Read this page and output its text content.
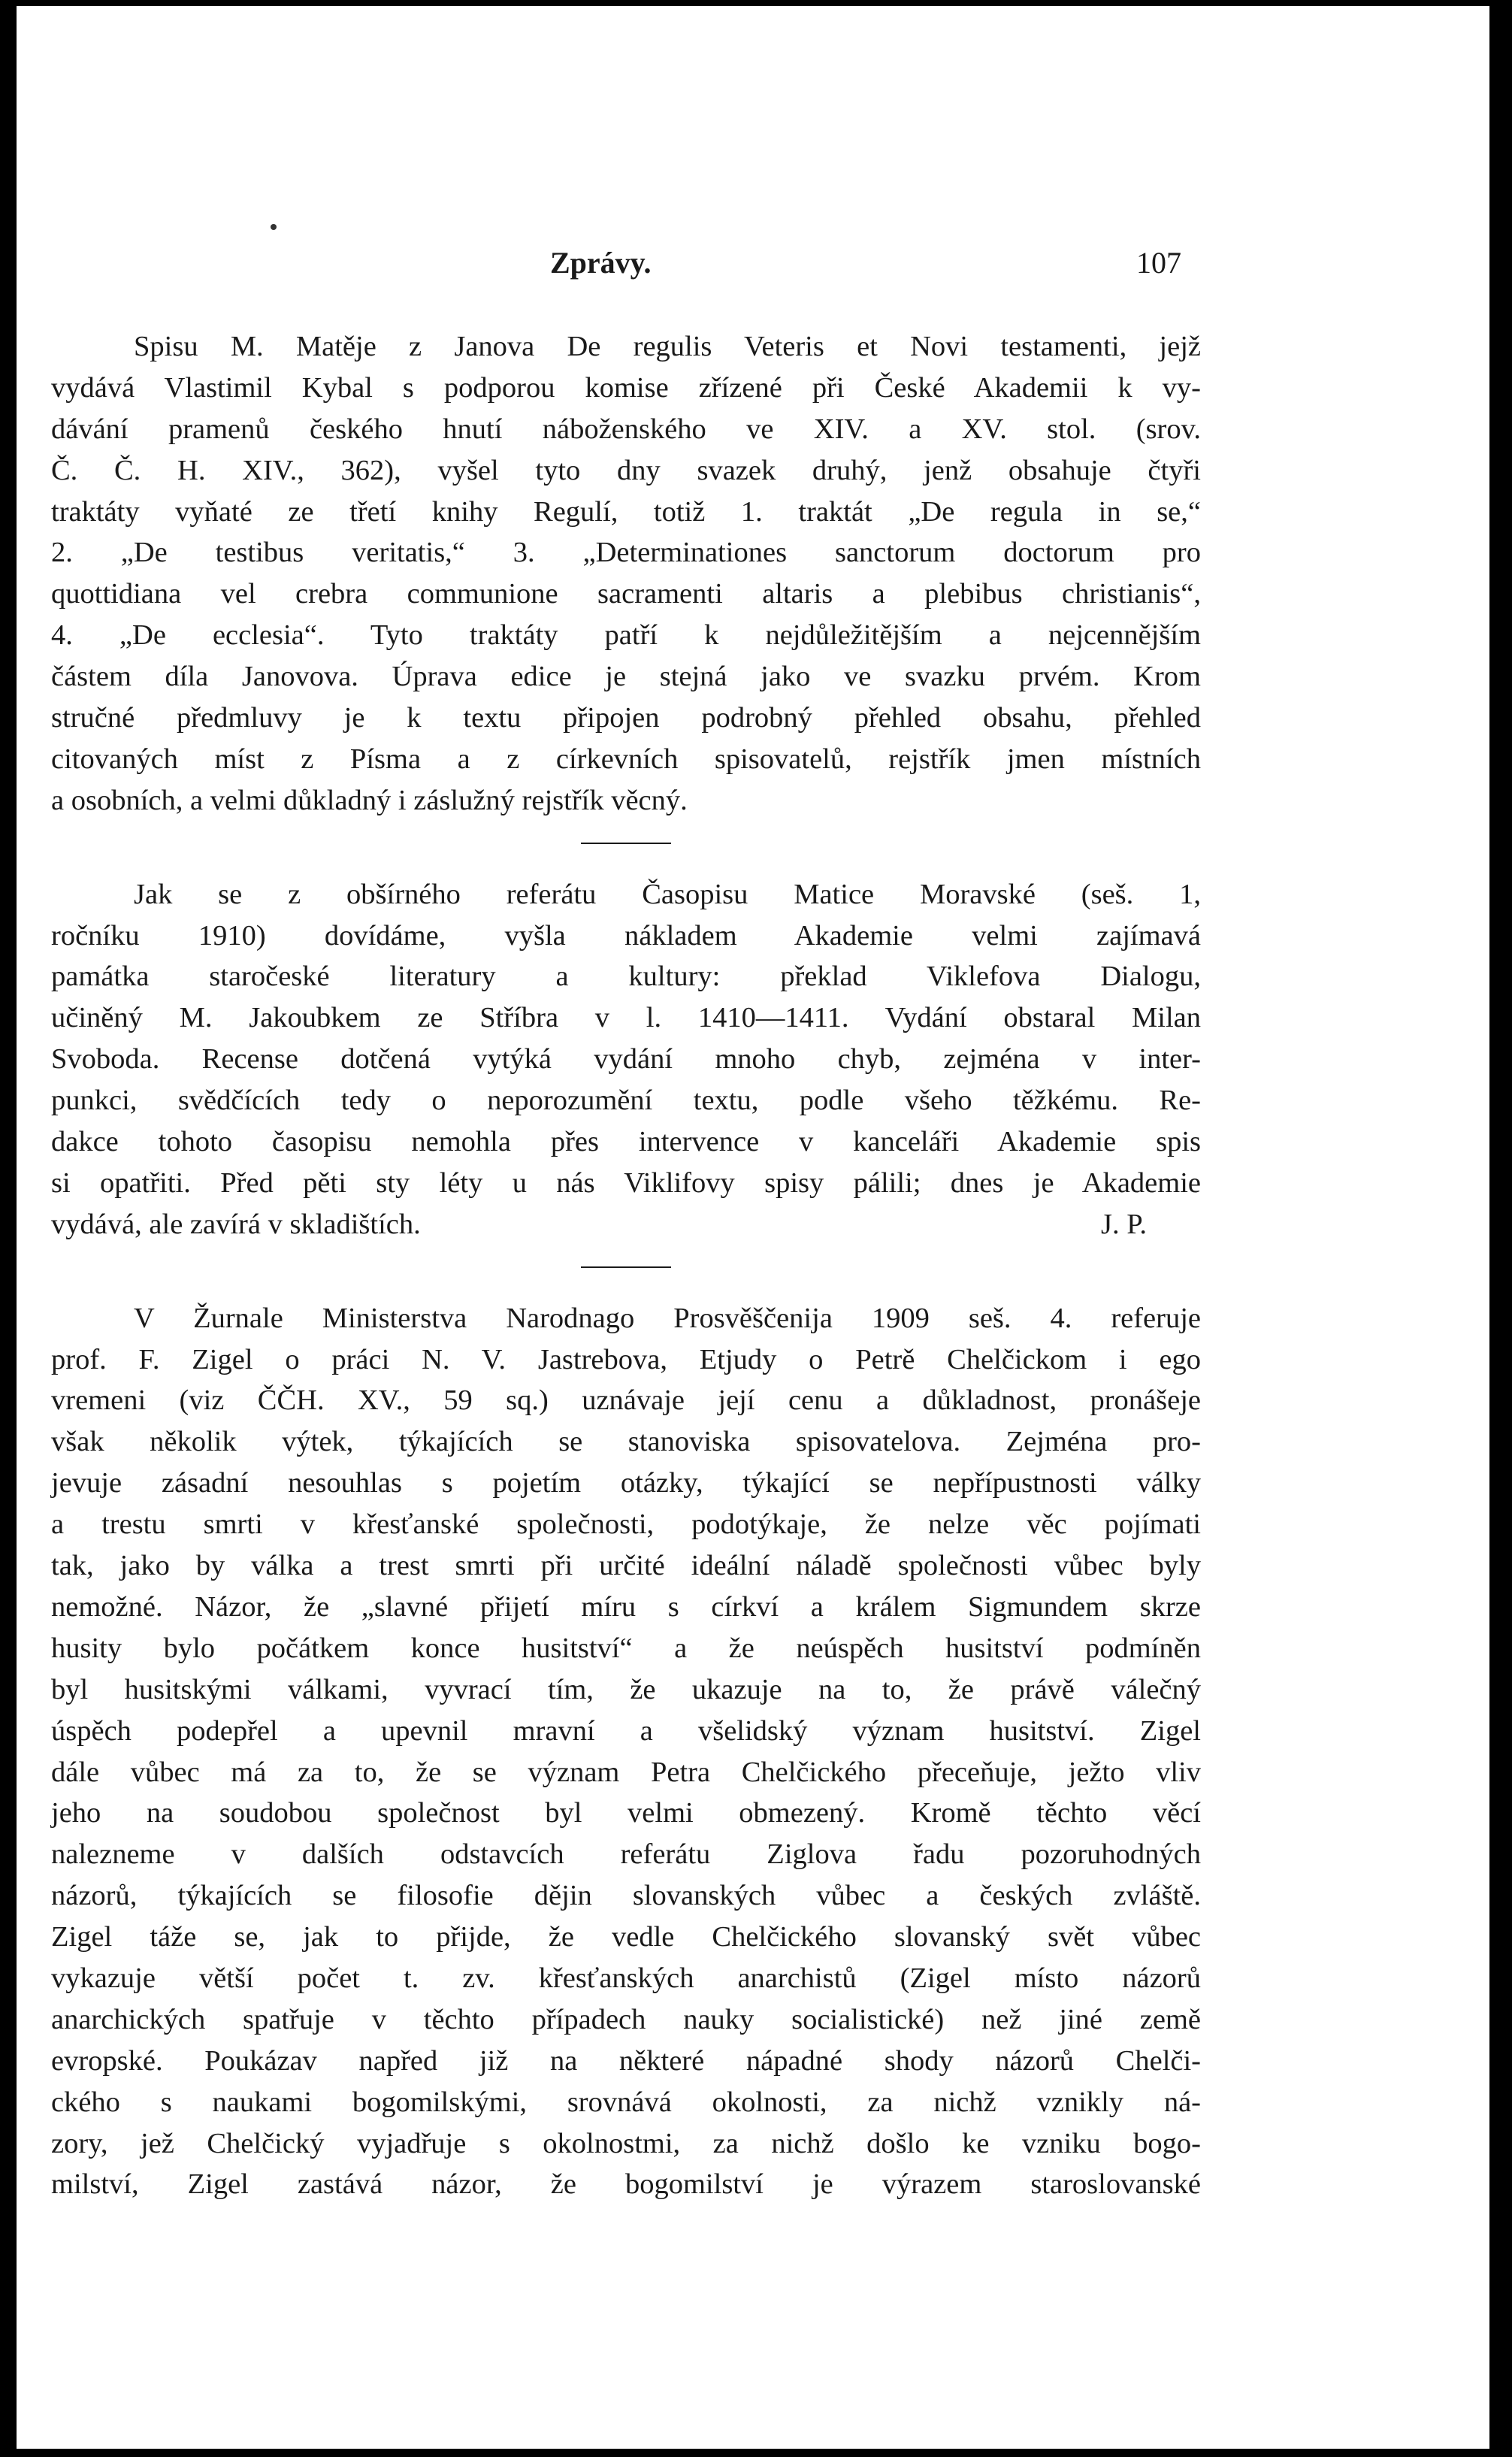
Zprávy.	107
Spisu M. Matěje z Janova De regulis Veteris et Novi testamenti, jejž
vydává Vlastimil Kybal s podporou komise zřízené při České Akademii k vy-
dávání pramenů českého hnutí náboženského ve XIV. a XV. stol. (srov.
Č. Č. H. XIV., 362), vyšel tyto dny svazek druhý, jenž obsahuje čtyři
traktáty vyňaté ze třetí knihy Regulí, totiž 1. traktát „De regula in se,“
2. „De testibus veritatis,“ 3. „Determinationes sanctorum doctorum pro
quottidiana vel crebra communione sacramenti altaris a plebibus christianis“,
4. „De ecclesia“. Tyto traktáty patří k nejdůležitějším a nejcennějším
částem díla Janovova. Úprava edice je stejná jako ve svazku prvém. Krom
stručné předmluvy je k textu připojen podrobný přehled obsahu, přehled
citovaných míst z Písma a z církevních spisovatelů, rejstřík jmen místních
a osobních, a velmi důkladný i záslužný rejstřík věcný.
Jak se z obšírného referátu Časopisu Matice Moravské (seš. 1,
ročníku 1910) dovídáme, vyšla nákladem Akademie velmi zajímavá
památka staročeské literatury a kultury: překlad Viklefova Dialogu,
učiněný M. Jakoubkem ze Stříbra v l. 1410—1411. Vydání obstaral Milan
Svoboda. Recense dotčená vytýká vydání mnoho chyb, zejména v inter-
punkci, svědčících tedy o neporozumění textu, podle všeho těžkému. Re-
dakce tohoto časopisu nemohla přes intervence v kanceláři Akademie spis
si opatřiti. Před pěti sty léty u nás Viklifovy spisy pálili; dnes je Akademie
vydává, ale zavírá v skladištích.	J. P.
V Žurnale Ministerstva Narodnago Prosvěščenija 1909 seš. 4. referuje
prof. F. Zigel o práci N. V. Jastrebova, Etjudy o Petrě Chelčickom i ego
vremeni (viz ČČH. XV., 59 sq.) uznávaje její cenu a důkladnost, pronášeje
však několik výtek, týkajících se stanoviska spisovatelova. Zejména pro-
jevuje zásadní nesouhlas s pojetím otázky, týkající se nepřípustnosti války
a trestu smrti v křesťanské společnosti, podotýkaje, že nelze věc pojímati
tak, jako by válka a trest smrti při určité ideální náladě společnosti vůbec byly
nemožné. Názor, že „slavné přijetí míru s církví a králem Sigmundem skrze
husity bylo počátkem konce husitství“ a že neúspěch husitství podmíněn
byl husitskými válkami, vyvrací tím, že ukazuje na to, že právě válečný
úspěch podepřel a upevnil mravní a všelidský význam husitství. Zigel
dále vůbec má za to, že se význam Petra Chelčického přeceňuje, ježto vliv
jeho na soudobou společnost byl velmi obmezený. Kromě těchto věcí
nalezneme v dalších odstavcích referátu Ziglova řadu pozoruhodných
názorů, týkajících se filosofie dějin slovanských vůbec a českých zvláště.
Zigel táže se, jak to přijde, že vedle Chelčického slovanský svět vůbec
vykazuje větší počet t. zv. křesťanských anarchistů (Zigel místo názorů
anarchických spatřuje v těchto případech nauky socialistické) než jiné země
evropské. Poukázav napřed již na některé nápadné shody názorů Chelči-
ckého s naukami bogomilskými, srovnává okolnosti, za nichž vznikly ná-
zory, jež Chelčický vyjadřuje s okolnostmi, za nichž došlo ke vzniku bogo-
milství, Zigel zastává názor, že bogomilství je výrazem staroslovanské
